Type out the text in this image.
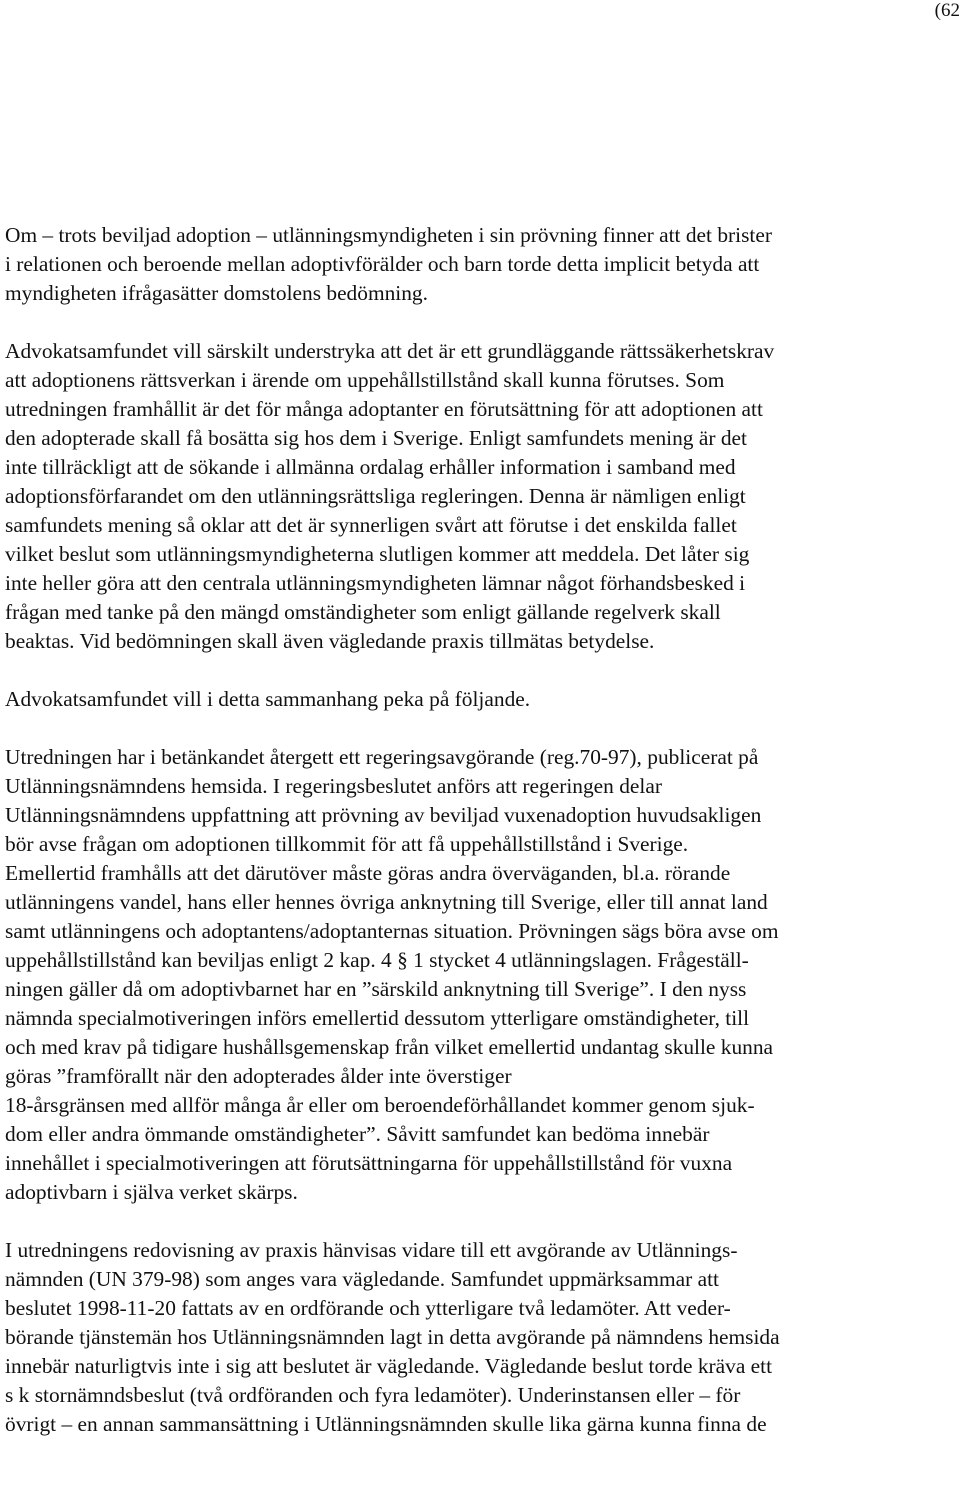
(62

Om – trots beviljad adoption – utlänningsmyndigheten i sin prövning finner att det brister
i relationen och beroende mellan adoptivförälder och barn torde detta implicit betyda att
myndigheten ifrågasätter domstolens bedömning.

Advokatsamfundet vill särskilt understryka att det är ett grundläggande rättssäkerhetskrav
att adoptionens rättsverkan i ärende om uppehållstillstånd skall kunna förutses. Som
utredningen framhållit är det för många adoptanter en förutsättning för att adoptionen att
den adopterade skall få bosätta sig hos dem i Sverige. Enligt samfundets mening är det
inte tillräckligt att de sökande i allmänna ordalag erhåller information i samband med
adoptionsförfarandet om den utlänningsrättsliga regleringen. Denna är nämligen enligt
samfundets mening så oklar att det är synnerligen svårt att förutse i det enskilda fallet
vilket beslut som utlänningsmyndigheterna slutligen kommer att meddela. Det låter sig
inte heller göra att den centrala utlänningsmyndigheten lämnar något förhandsbesked i
frågan med tanke på den mängd omständigheter som enligt gällande regelverk skall
beaktas. Vid bedömningen skall även vägledande praxis tillmätas betydelse.

Advokatsamfundet vill i detta sammanhang peka på följande.

Utredningen har i betänkandet återgett ett regeringsavgörande (reg.70-97), publicerat på
Utlänningsnämndens hemsida. I regeringsbeslutet anförs att regeringen delar
Utlänningsnämndens uppfattning att prövning av beviljad vuxenadoption huvudsakligen
bör avse frågan om adoptionen tillkommit för att få uppehållstillstånd i Sverige.
Emellertid framhålls att det därutöver måste göras andra överväganden, bl.a. rörande
utlänningens vandel, hans eller hennes övriga anknytning till Sverige, eller till annat land
samt utlänningens och adoptantens/adoptanternas situation. Prövningen sägs böra avse om
uppehållstillstånd kan beviljas enligt 2 kap. 4 § 1 stycket 4 utlänningslagen. Frågeställ-
ningen gäller då om adoptivbarnet har en ”särskild anknytning till Sverige”. I den nyss
nämnda specialmotiveringen införs emellertid dessutom ytterligare omständigheter, till
och med krav på tidigare hushållsgemenskap från vilket emellertid undantag skulle kunna
göras ”framförallt när den adopterades ålder inte överstiger
18-årsgränsen med allför många år eller om beroendeförhållandet kommer genom sjuk-
dom eller andra ömmande omständigheter”. Såvitt samfundet kan bedöma innebär
innehållet i specialmotiveringen att förutsättningarna för uppehållstillstånd för vuxna
adoptivbarn i själva verket skärps.

I utredningens redovisning av praxis hänvisas vidare till ett avgörande av Utlännings-
nämnden (UN 379-98) som anges vara vägledande. Samfundet uppmärksammar att
beslutet 1998-11-20 fattats av en ordförande och ytterligare två ledamöter. Att veder-
börande tjänstemän hos Utlänningsnämnden lagt in detta avgörande på nämndens hemsida
innebär naturligtvis inte i sig att beslutet är vägledande. Vägledande beslut torde kräva ett
s k stornämndsbeslut (två ordföranden och fyra ledamöter). Underinstansen eller – för
övrigt – en annan sammansättning i Utlänningsnämnden skulle lika gärna kunna finna de
